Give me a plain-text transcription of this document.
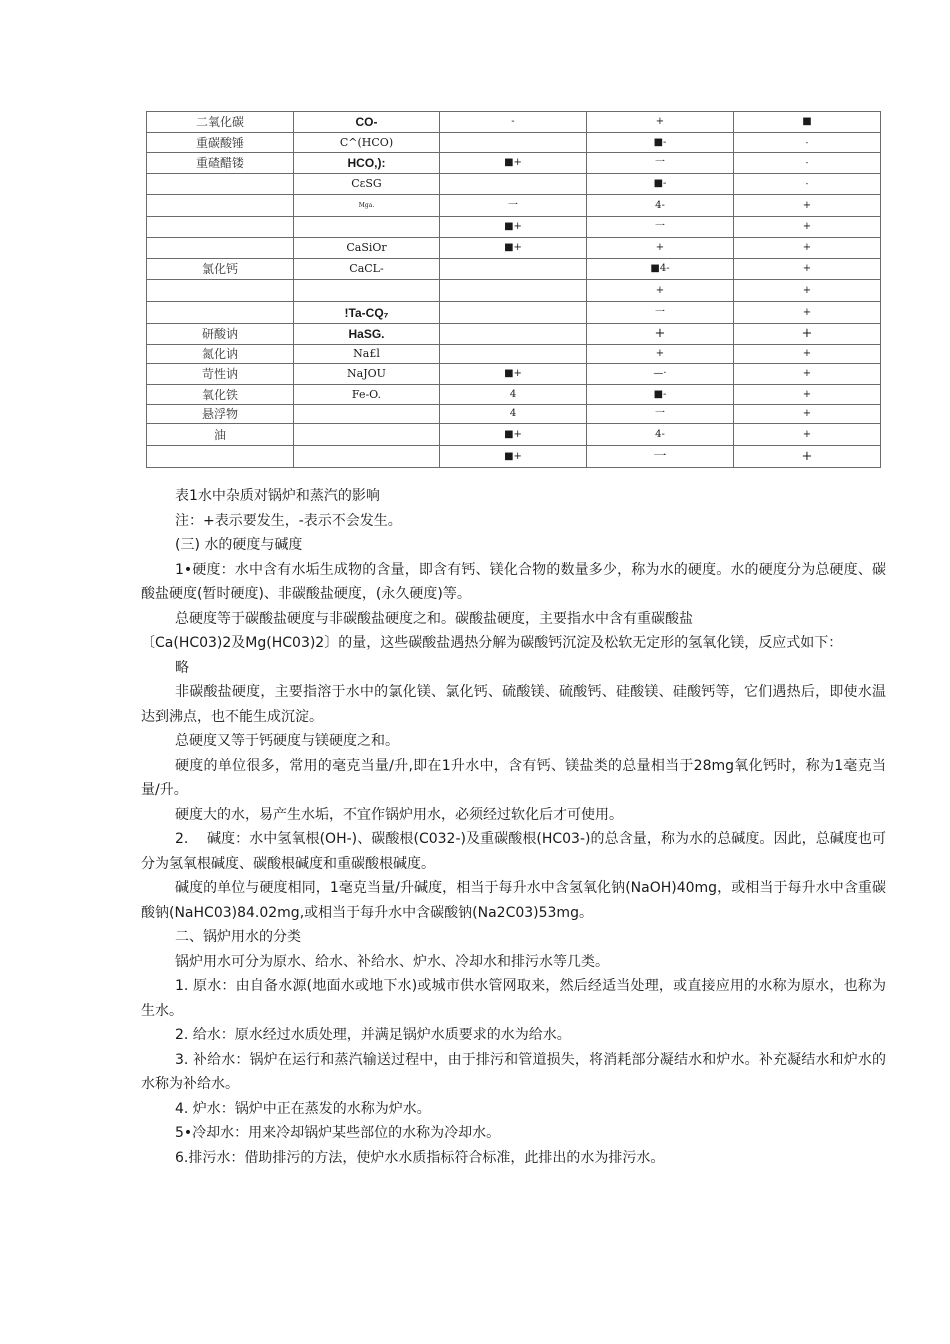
二氧化碳	CO-	-	+	■
重碳酸锤	C^(HCO)		■-	-
重碴醋镂	HCO,):	■+	一	-
	CεSG		■-	-
	Mga.	一	4-	+
		■+	一	+
	CaSiOr	■+	+	+
氯化钙	CaCL-		■4-	+
			+	+
	!Ta-CQ₇		一	+
研酸讷	HaSG.		+	+
氮化讷	Na£l		+	+
苛性讷	NaJOU	■+	—·	+
氧化铁	Fe-O.	4	■-	+
悬浮物		4	一	+
油		■+	4-	+
		■+	一	+

表1水中杂质对锅炉和蒸汽的影响

注：+表示要发生，-表示不会发生。

(三) 水的硬度与碱度

1•硬度：水中含有水垢生成物的含量，即含有钙、镁化合物的数量多少，称为水的硬度。水的硬度分为总硬度、碳酸盐硬度(暂时硬度)、非碳酸盐硬度，(永久硬度)等。

总硬度等于碳酸盐硬度与非碳酸盐硬度之和。碳酸盐硬度，主要指水中含有重碳酸盐

〔Ca(HC03)2及Mg(HC03)2〕的量，这些碳酸盐遇热分解为碳酸钙沉淀及松软无定形的氢氧化镁，反应式如下：

略

非碳酸盐硬度，主要指溶于水中的氯化镁、氯化钙、硫酸镁、硫酸钙、硅酸镁、硅酸钙等，它们遇热后，即使水温达到沸点，也不能生成沉淀。

总硬度又等于钙硬度与镁硬度之和。

硬度的单位很多，常用的毫克当量/升,即在1升水中，含有钙、镁盐类的总量相当于28mg氧化钙时，称为1毫克当量/升。

硬度大的水，易产生水垢，不宜作锅炉用水，必须经过软化后才可使用。

2.　 碱度：水中氢氧根(OH-)、碳酸根(C032-)及重碳酸根(HC03-)的总含量，称为水的总碱度。因此，总碱度也可分为氢氧根碱度、碳酸根碱度和重碳酸根碱度。

碱度的单位与硬度相同，1毫克当量/升碱度，相当于每升水中含氢氧化钠(NaOH)40mg，或相当于每升水中含重碳酸钠(NaHC03)84.02mg,或相当于每升水中含碳酸钠(Na2C03)53mg。

二、锅炉用水的分类

锅炉用水可分为原水、给水、补给水、炉水、冷却水和排污水等几类。

1. 原水：由自备水源(地面水或地下水)或城市供水管网取来，然后经适当处理，或直接应用的水称为原水，也称为生水。

2. 给水：原水经过水质处理，并满足锅炉水质要求的水为给水。

3. 补给水：锅炉在运行和蒸汽输送过程中，由于排污和管道损失，将消耗部分凝结水和炉水。补充凝结水和炉水的水称为补给水。

4. 炉水：锅炉中正在蒸发的水称为炉水。

5•冷却水：用来冷却锅炉某些部位的水称为冷却水。

6.排污水：借助排污的方法，使炉水水质指标符合标准，此排出的水为排污水。
